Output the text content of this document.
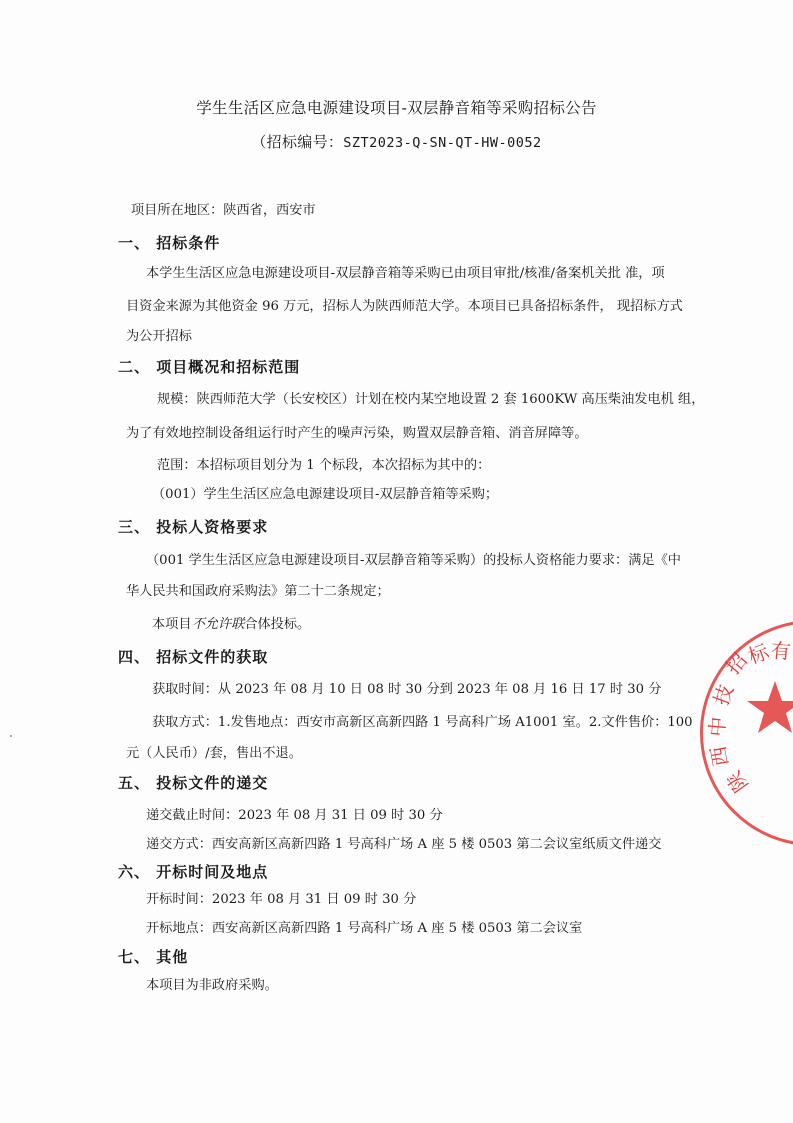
学生生活区应急电源建设项目-双层静音箱等采购招标公告
（招标编号：SZT2023-Q-SN-QT-HW-0052
项目所在地区：陕西省，西安市
一、 招标条件
本学生生活区应急电源建设项目-双层静音箱等采购已由项目审批/核准/备案机关批 准，项
目资金来源为其他资金 96 万元，招标人为陕西师范大学。本项目已具备招标条件， 现招标方式
为公开招标
二、 项目概况和招标范围
规模：陕西师范大学（长安校区）计划在校内某空地设置 2 套 1600KW 高压柴油发电机 组，
为了有效地控制设备组运行时产生的噪声污染，购置双层静音箱、消音屏障等。
范围：本招标项目划分为 1 个标段，本次招标为其中的：
（001）学生生活区应急电源建设项目-双层静音箱等采购；
三、 投标人资格要求
（001 学生生活区应急电源建设项目-双层静音箱等采购）的投标人资格能力要求：满足《中
华人民共和国政府采购法》第二十二条规定；
本项目不允许联合体投标。
四、 招标文件的获取
获取时间：从 2023 年 08 月 10 日 08 时 30 分到 2023 年 08 月 16 日 17 时 30 分
获取方式：1.发售地点：西安市高新区高新四路 1 号高科广场 A1001 室。2.文件售价：100
元（人民币）/套，售出不退。
五、 投标文件的递交
递交截止时间：2023 年 08 月 31 日 09 时 30 分
递交方式：西安高新区高新四路 1 号高科广场 A 座 5 楼 0503 第二会议室纸质文件递交
六、 开标时间及地点
开标时间：2023 年 08 月 31 日 09 时 30 分
开标地点：西安高新区高新四路 1 号高科广场 A 座 5 楼 0503 第二会议室
七、 其他
本项目为非政府采购。
招
标
有
技
中
西
陕
